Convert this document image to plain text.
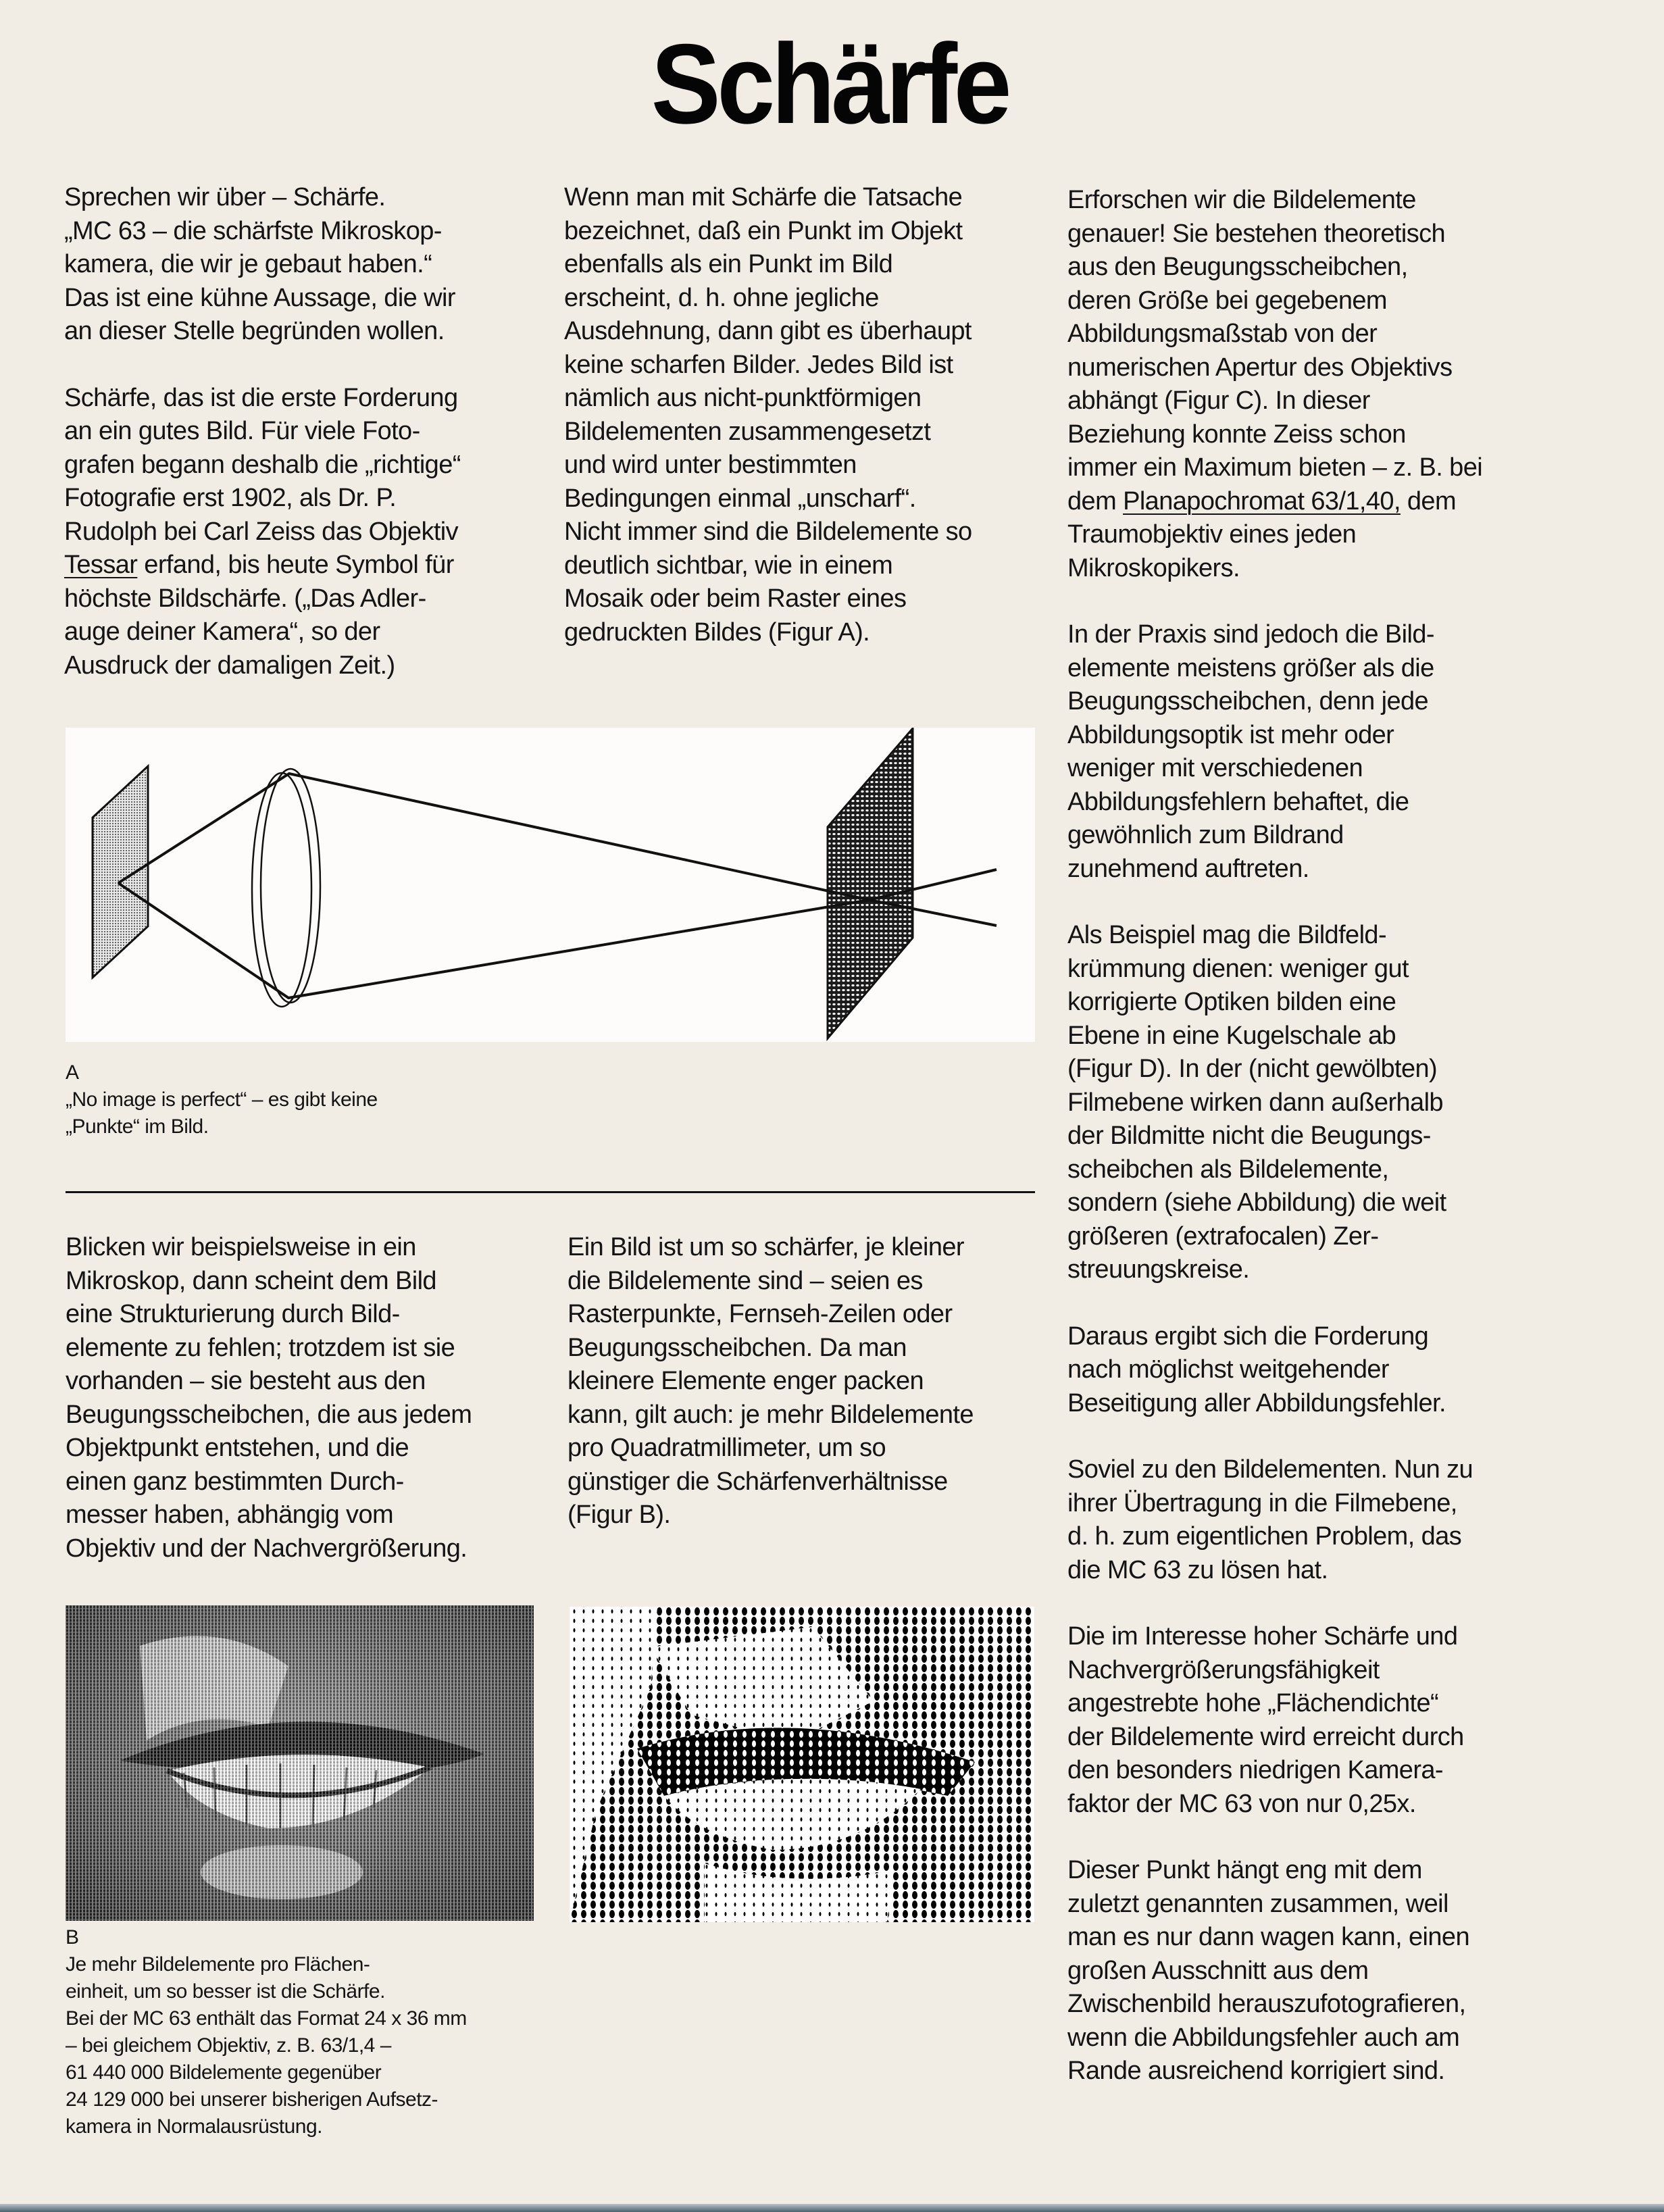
Schärfe

Sprechen wir über – Schärfe.
„MC 63 – die schärfste Mikroskop-
kamera, die wir je gebaut haben.“
Das ist eine kühne Aussage, die wir
an dieser Stelle begründen wollen.

Schärfe, das ist die erste Forderung
an ein gutes Bild. Für viele Foto-
grafen begann deshalb die „richtige“
Fotografie erst 1902, als Dr. P.
Rudolph bei Carl Zeiss das Objektiv
Tessar erfand, bis heute Symbol für
höchste Bildschärfe. („Das Adler-
auge deiner Kamera“, so der
Ausdruck der damaligen Zeit.)

Wenn man mit Schärfe die Tatsache
bezeichnet, daß ein Punkt im Objekt
ebenfalls als ein Punkt im Bild
erscheint, d. h. ohne jegliche
Ausdehnung, dann gibt es überhaupt
keine scharfen Bilder. Jedes Bild ist
nämlich aus nicht-punktförmigen
Bildelementen zusammengesetzt
und wird unter bestimmten
Bedingungen einmal „unscharf“.
Nicht immer sind die Bildelemente so
deutlich sichtbar, wie in einem
Mosaik oder beim Raster eines
gedruckten Bildes (Figur A).

Erforschen wir die Bildelemente
genauer! Sie bestehen theoretisch
aus den Beugungsscheibchen,
deren Größe bei gegebenem
Abbildungsmaßstab von der
numerischen Apertur des Objektivs
abhängt (Figur C). In dieser
Beziehung konnte Zeiss schon
immer ein Maximum bieten – z. B. bei
dem Planapochromat 63/1,40, dem
Traumobjektiv eines jeden
Mikroskopikers.

In der Praxis sind jedoch die Bild-
elemente meistens größer als die
Beugungsscheibchen, denn jede
Abbildungsoptik ist mehr oder
weniger mit verschiedenen
Abbildungsfehlern behaftet, die
gewöhnlich zum Bildrand
zunehmend auftreten.

Als Beispiel mag die Bildfeld-
krümmung dienen: weniger gut
korrigierte Optiken bilden eine
Ebene in eine Kugelschale ab
(Figur D). In der (nicht gewölbten)
Filmebene wirken dann außerhalb
der Bildmitte nicht die Beugungs-
scheibchen als Bildelemente,
sondern (siehe Abbildung) die weit
größeren (extrafocalen) Zer-
streuungskreise.

Daraus ergibt sich die Forderung
nach möglichst weitgehender
Beseitigung aller Abbildungsfehler.

Soviel zu den Bildelementen. Nun zu
ihrer Übertragung in die Filmebene,
d. h. zum eigentlichen Problem, das
die MC 63 zu lösen hat.

Die im Interesse hoher Schärfe und
Nachvergrößerungsfähigkeit
angestrebte hohe „Flächendichte“
der Bildelemente wird erreicht durch
den besonders niedrigen Kamera-
faktor der MC 63 von nur 0,25x.

Dieser Punkt hängt eng mit dem
zuletzt genannten zusammen, weil
man es nur dann wagen kann, einen
großen Ausschnitt aus dem
Zwischenbild herauszufotografieren,
wenn die Abbildungsfehler auch am
Rande ausreichend korrigiert sind.

A
„No image is perfect“ – es gibt keine
„Punkte“ im Bild.

Blicken wir beispielsweise in ein
Mikroskop, dann scheint dem Bild
eine Strukturierung durch Bild-
elemente zu fehlen; trotzdem ist sie
vorhanden – sie besteht aus den
Beugungsscheibchen, die aus jedem
Objektpunkt entstehen, und die
einen ganz bestimmten Durch-
messer haben, abhängig vom
Objektiv und der Nachvergrößerung.

Ein Bild ist um so schärfer, je kleiner
die Bildelemente sind – seien es
Rasterpunkte, Fernseh-Zeilen oder
Beugungsscheibchen. Da man
kleinere Elemente enger packen
kann, gilt auch: je mehr Bildelemente
pro Quadratmillimeter, um so
günstiger die Schärfenverhältnisse
(Figur B).

B
Je mehr Bildelemente pro Flächen-
einheit, um so besser ist die Schärfe.
Bei der MC 63 enthält das Format 24 x 36 mm
– bei gleichem Objektiv, z. B. 63/1,4 –
61 440 000 Bildelemente gegenüber
24 129 000 bei unserer bisherigen Aufsetz-
kamera in Normalausrüstung.
